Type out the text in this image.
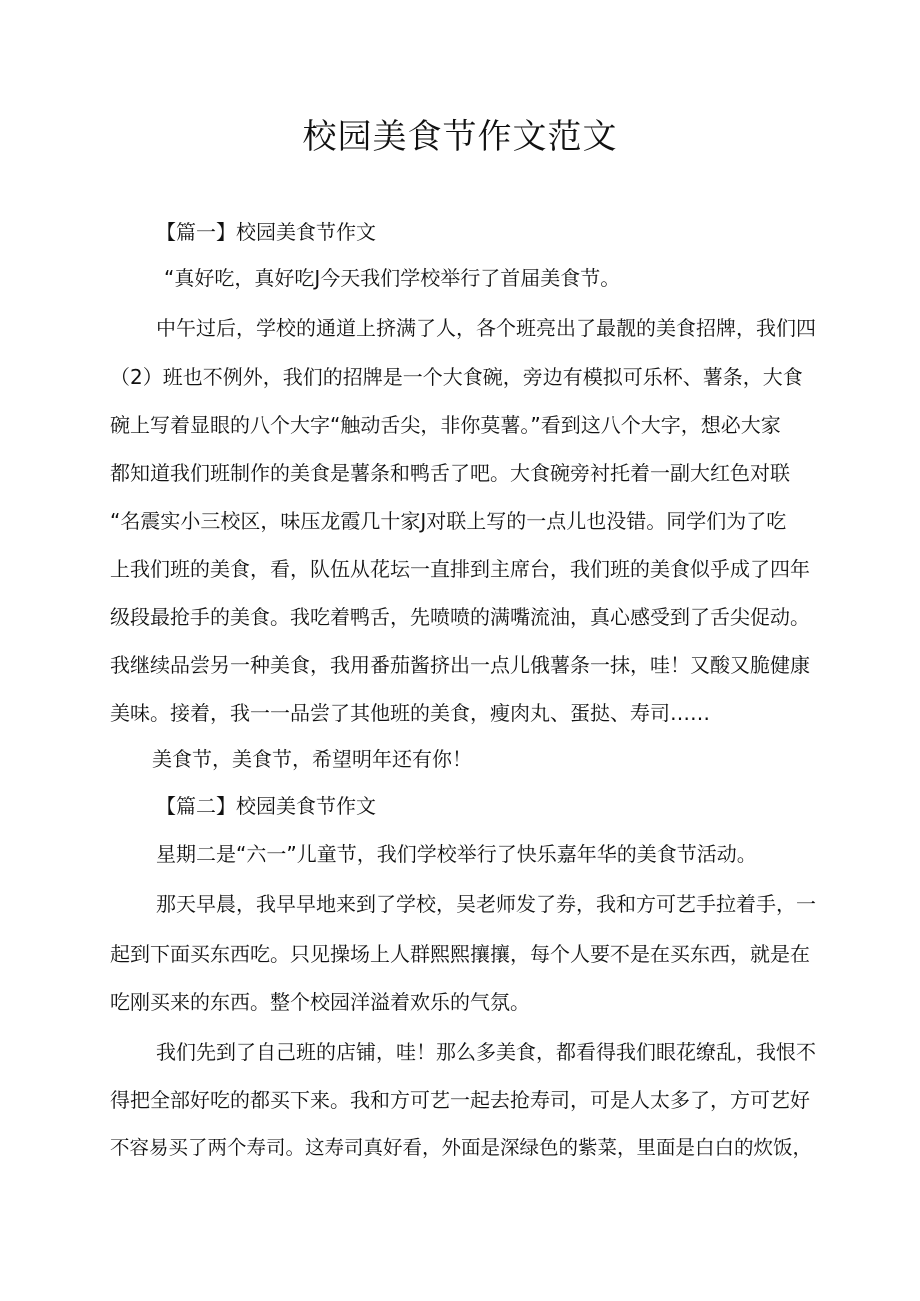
校园美食节作文范文
【篇一】校园美食节作文
“真好吃，真好吃J今天我们学校举行了首届美食节。
中午过后，学校的通道上挤满了人，各个班亮出了最靓的美食招牌，我们四
（2）班也不例外，我们的招牌是一个大食碗，旁边有模拟可乐杯、薯条，大食
碗上写着显眼的八个大字“触动舌尖，非你莫薯。”看到这八个大字，想必大家
都知道我们班制作的美食是薯条和鸭舌了吧。大食碗旁衬托着一副大红色对联
“名震实小三校区，味压龙霞几十家J对联上写的一点儿也没错。同学们为了吃
上我们班的美食，看，队伍从花坛一直排到主席台，我们班的美食似乎成了四年
级段最抢手的美食。我吃着鸭舌，先喷喷的满嘴流油，真心感受到了舌尖促动。
我继续品尝另一种美食，我用番茄酱挤出一点儿俄薯条一抹，哇！又酸又脆健康
美味。接着，我一一品尝了其他班的美食，瘦肉丸、蛋挞、寿司……
美食节，美食节，希望明年还有你！
【篇二】校园美食节作文
星期二是“六一”儿童节，我们学校举行了快乐嘉年华的美食节活动。
那天早晨，我早早地来到了学校，吴老师发了券，我和方可艺手拉着手，一
起到下面买东西吃。只见操场上人群熙熙攘攘，每个人要不是在买东西，就是在
吃刚买来的东西。整个校园洋溢着欢乐的气氛。
我们先到了自己班的店铺，哇！那么多美食，都看得我们眼花缭乱，我恨不
得把全部好吃的都买下来。我和方可艺一起去抢寿司，可是人太多了，方可艺好
不容易买了两个寿司。这寿司真好看，外面是深绿色的紫菜，里面是白白的炊饭，
